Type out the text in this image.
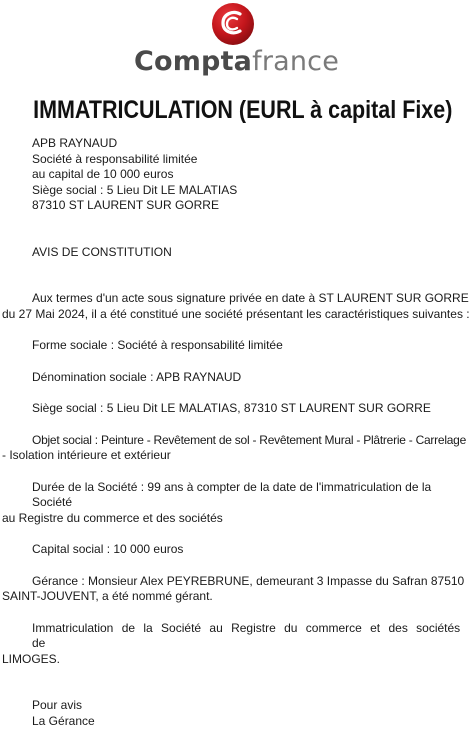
Comptafrance
IMMATRICULATION (EURL à capital Fixe)
APB RAYNAUD
Société à responsabilité limitée
au capital de 10 000 euros
Siège social : 5 Lieu Dit LE MALATIAS
87310 ST LAURENT SUR GORRE
AVIS DE CONSTITUTION
Aux termes d'un acte sous signature privée en date à ST LAURENT SUR GORRE
du 27 Mai 2024, il a été constitué une société présentant les caractéristiques suivantes :
Forme sociale : Société à responsabilité limitée
Dénomination sociale : APB RAYNAUD
Siège social : 5 Lieu Dit LE MALATIAS, 87310 ST LAURENT SUR GORRE
Objet social : Peinture - Revêtement de sol - Revêtement Mural - Plâtrerie - Carrelage
- Isolation intérieure et extérieur
Durée de la Société : 99 ans à compter de la date de l'immatriculation de la Société
au Registre du commerce et des sociétés
Capital social : 10 000 euros
Gérance : Monsieur Alex PEYREBRUNE, demeurant 3 Impasse du Safran 87510
SAINT-JOUVENT, a été nommé gérant.
Immatriculation de la Société au Registre du commerce et des sociétés de
LIMOGES.
Pour avis
La Gérance
